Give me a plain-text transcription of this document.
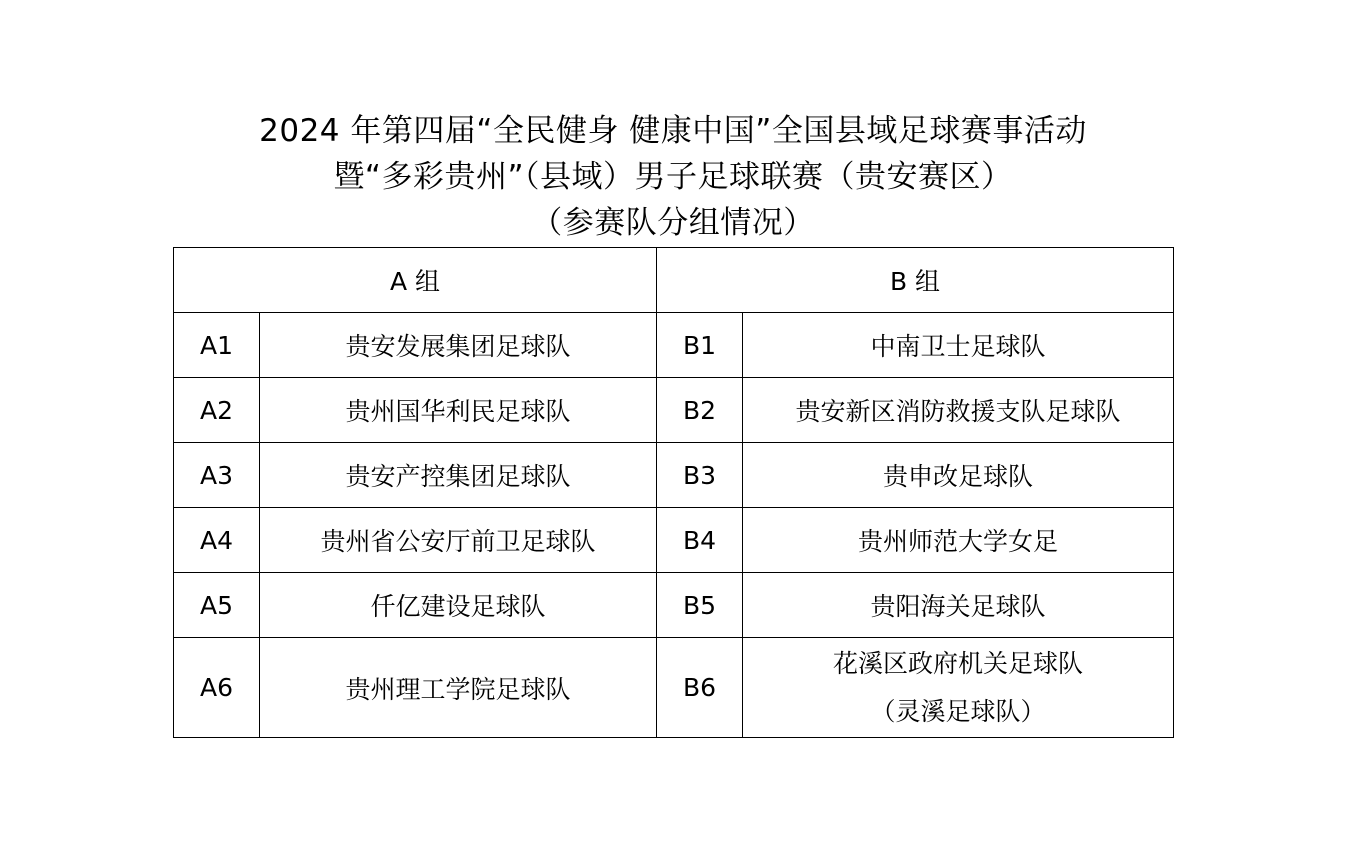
2024 年第四届“全民健身 健康中国”全国县域足球赛事活动
暨“多彩贵州”（县域）男子足球联赛（贵安赛区）
（参赛队分组情况）
A 组		B 组	
A1	贵安发展集团足球队	B1	中南卫士足球队
A2	贵州国华利民足球队	B2	贵安新区消防救援支队足球队
A3	贵安产控集团足球队	B3	贵申改足球队
A4	贵州省公安厅前卫足球队	B4	贵州师范大学女足
A5	仟亿建设足球队	B5	贵阳海关足球队
A6	贵州理工学院足球队	B6	花溪区政府机关足球队
（灵溪足球队）
